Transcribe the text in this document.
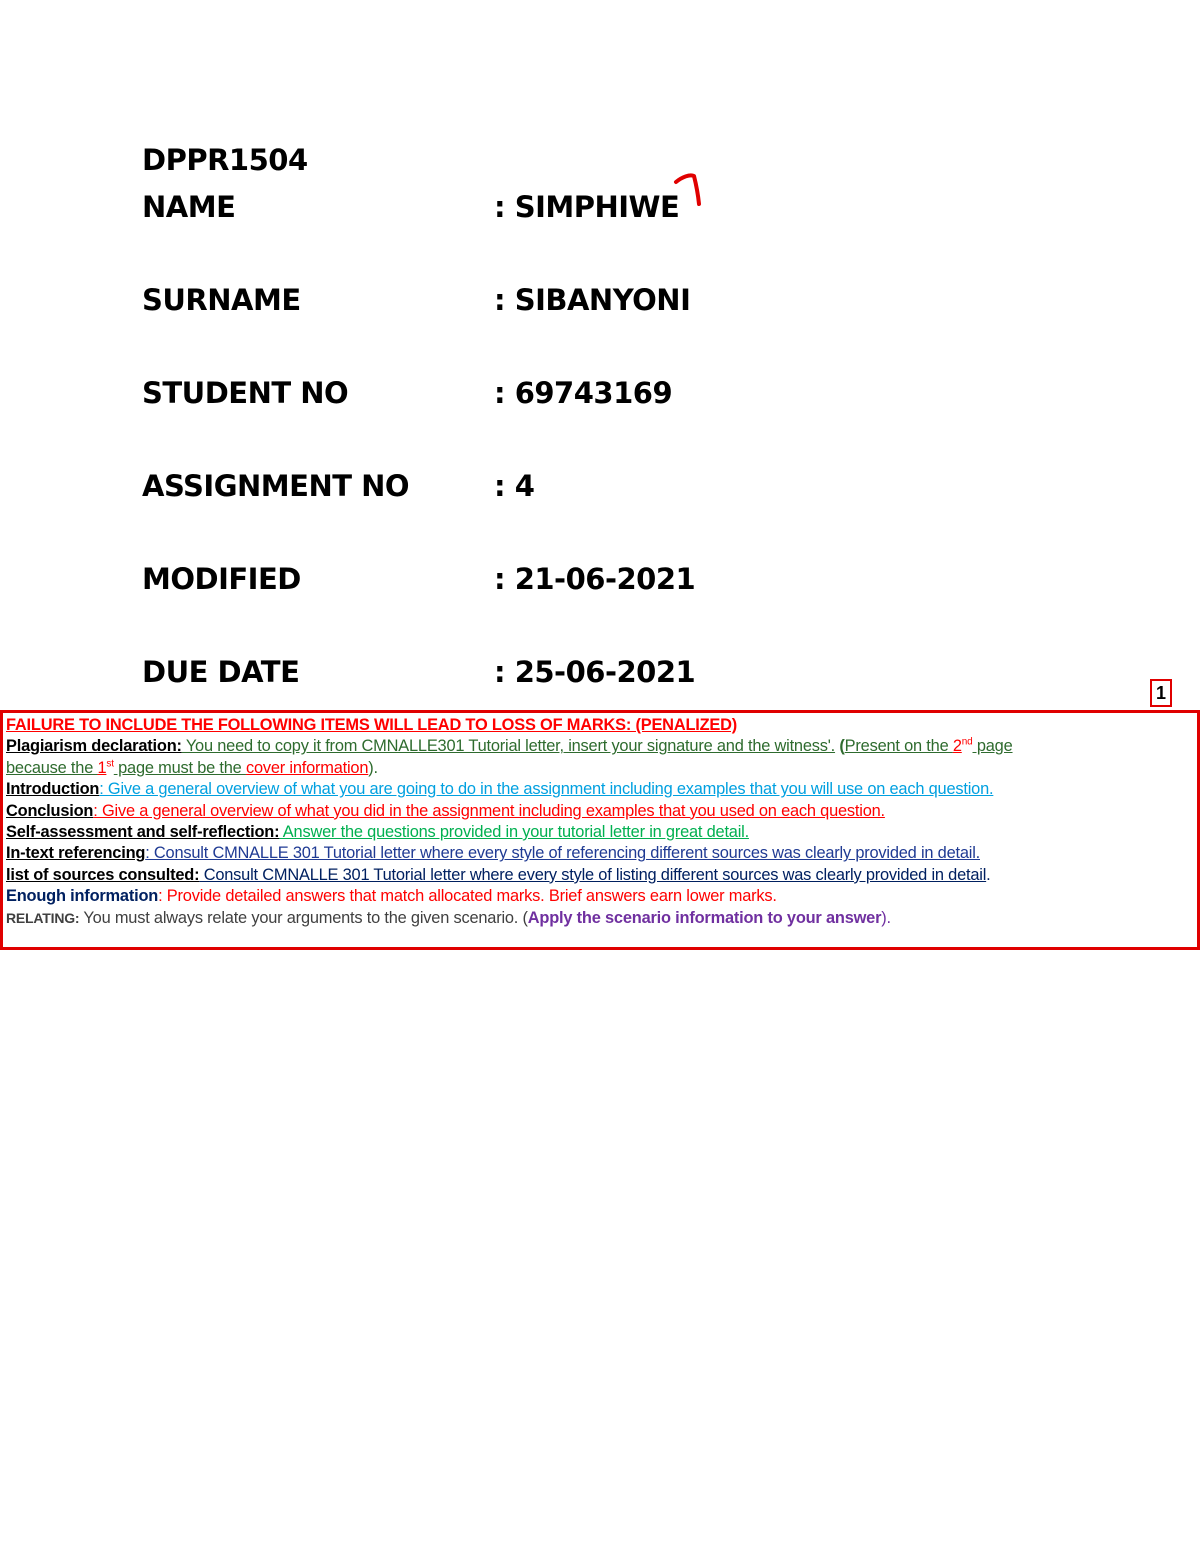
DPPR1504
NAME	: SIMPHIWE
SURNAME	: SIBANYONI
STUDENT NO	: 69743169
ASSIGNMENT NO	: 4
MODIFIED	: 21-06-2021
DUE DATE	: 25-06-2021
1
FAILURE TO INCLUDE THE FOLLOWING ITEMS WILL LEAD TO LOSS OF MARKS: (PENALIZED)
Plagiarism declaration: You need to copy it from CMNALLE301 Tutorial letter, insert your signature and the witness'. (Present on the 2nd page
because the 1st page must be the cover information).
Introduction: Give a general overview of what you are going to do in the assignment including examples that you will use on each question.
Conclusion: Give a general overview of what you did in the assignment including examples that you used on each question.
Self-assessment and self-reflection: Answer the questions provided in your tutorial letter in great detail.
In-text referencing: Consult CMNALLE 301 Tutorial letter where every style of referencing different sources was clearly provided in detail.
list of sources consulted: Consult CMNALLE 301 Tutorial letter where every style of listing different sources was clearly provided in detail.
Enough information: Provide detailed answers that match allocated marks. Brief answers earn lower marks.
RELATING: You must always relate your arguments to the given scenario. (Apply the scenario information to your answer).
